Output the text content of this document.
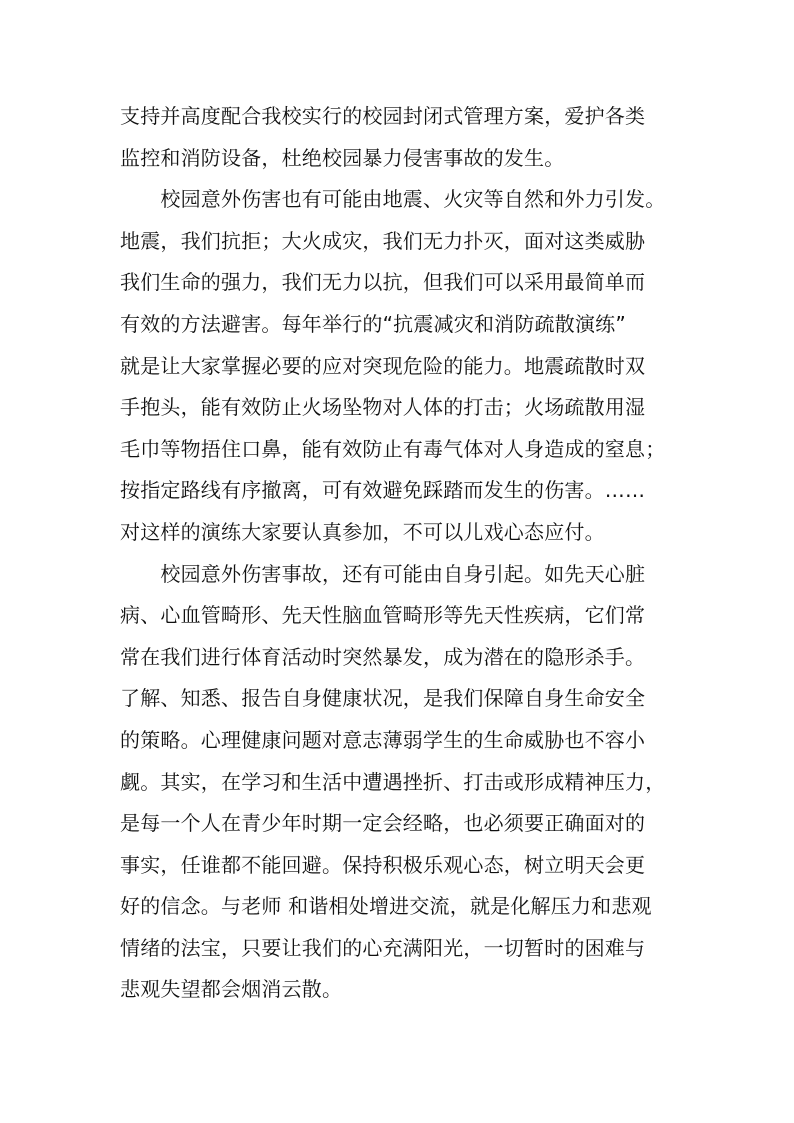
支持并高度配合我校实行的校园封闭式管理方案，爱护各类
监控和消防设备，杜绝校园暴力侵害事故的发生。
　　校园意外伤害也有可能由地震、火灾等自然和外力引发。
地震，我们抗拒；大火成灾，我们无力扑灭，面对这类威胁
我们生命的强力，我们无力以抗，但我们可以采用最简单而
有效的方法避害。每年举行的“抗震减灾和消防疏散演练”
就是让大家掌握必要的应对突现危险的能力。地震疏散时双
手抱头，能有效防止火场坠物对人体的打击；火场疏散用湿
毛巾等物捂住口鼻，能有效防止有毒气体对人身造成的窒息；
按指定路线有序撤离，可有效避免踩踏而发生的伤害。……
对这样的演练大家要认真参加，不可以儿戏心态应付。
　　校园意外伤害事故，还有可能由自身引起。如先天心脏
病、心血管畸形、先天性脑血管畸形等先天性疾病，它们常
常在我们进行体育活动时突然暴发，成为潜在的隐形杀手。
了解、知悉、报告自身健康状况，是我们保障自身生命安全
的策略。心理健康问题对意志薄弱学生的生命威胁也不容小
觑。其实，在学习和生活中遭遇挫折、打击或形成精神压力，
是每一个人在青少年时期一定会经略，也必须要正确面对的
事实，任谁都不能回避。保持积极乐观心态，树立明天会更
好的信念。与老师 和谐相处增进交流，就是化解压力和悲观
情绪的法宝，只要让我们的心充满阳光，一切暂时的困难与
悲观失望都会烟消云散。
